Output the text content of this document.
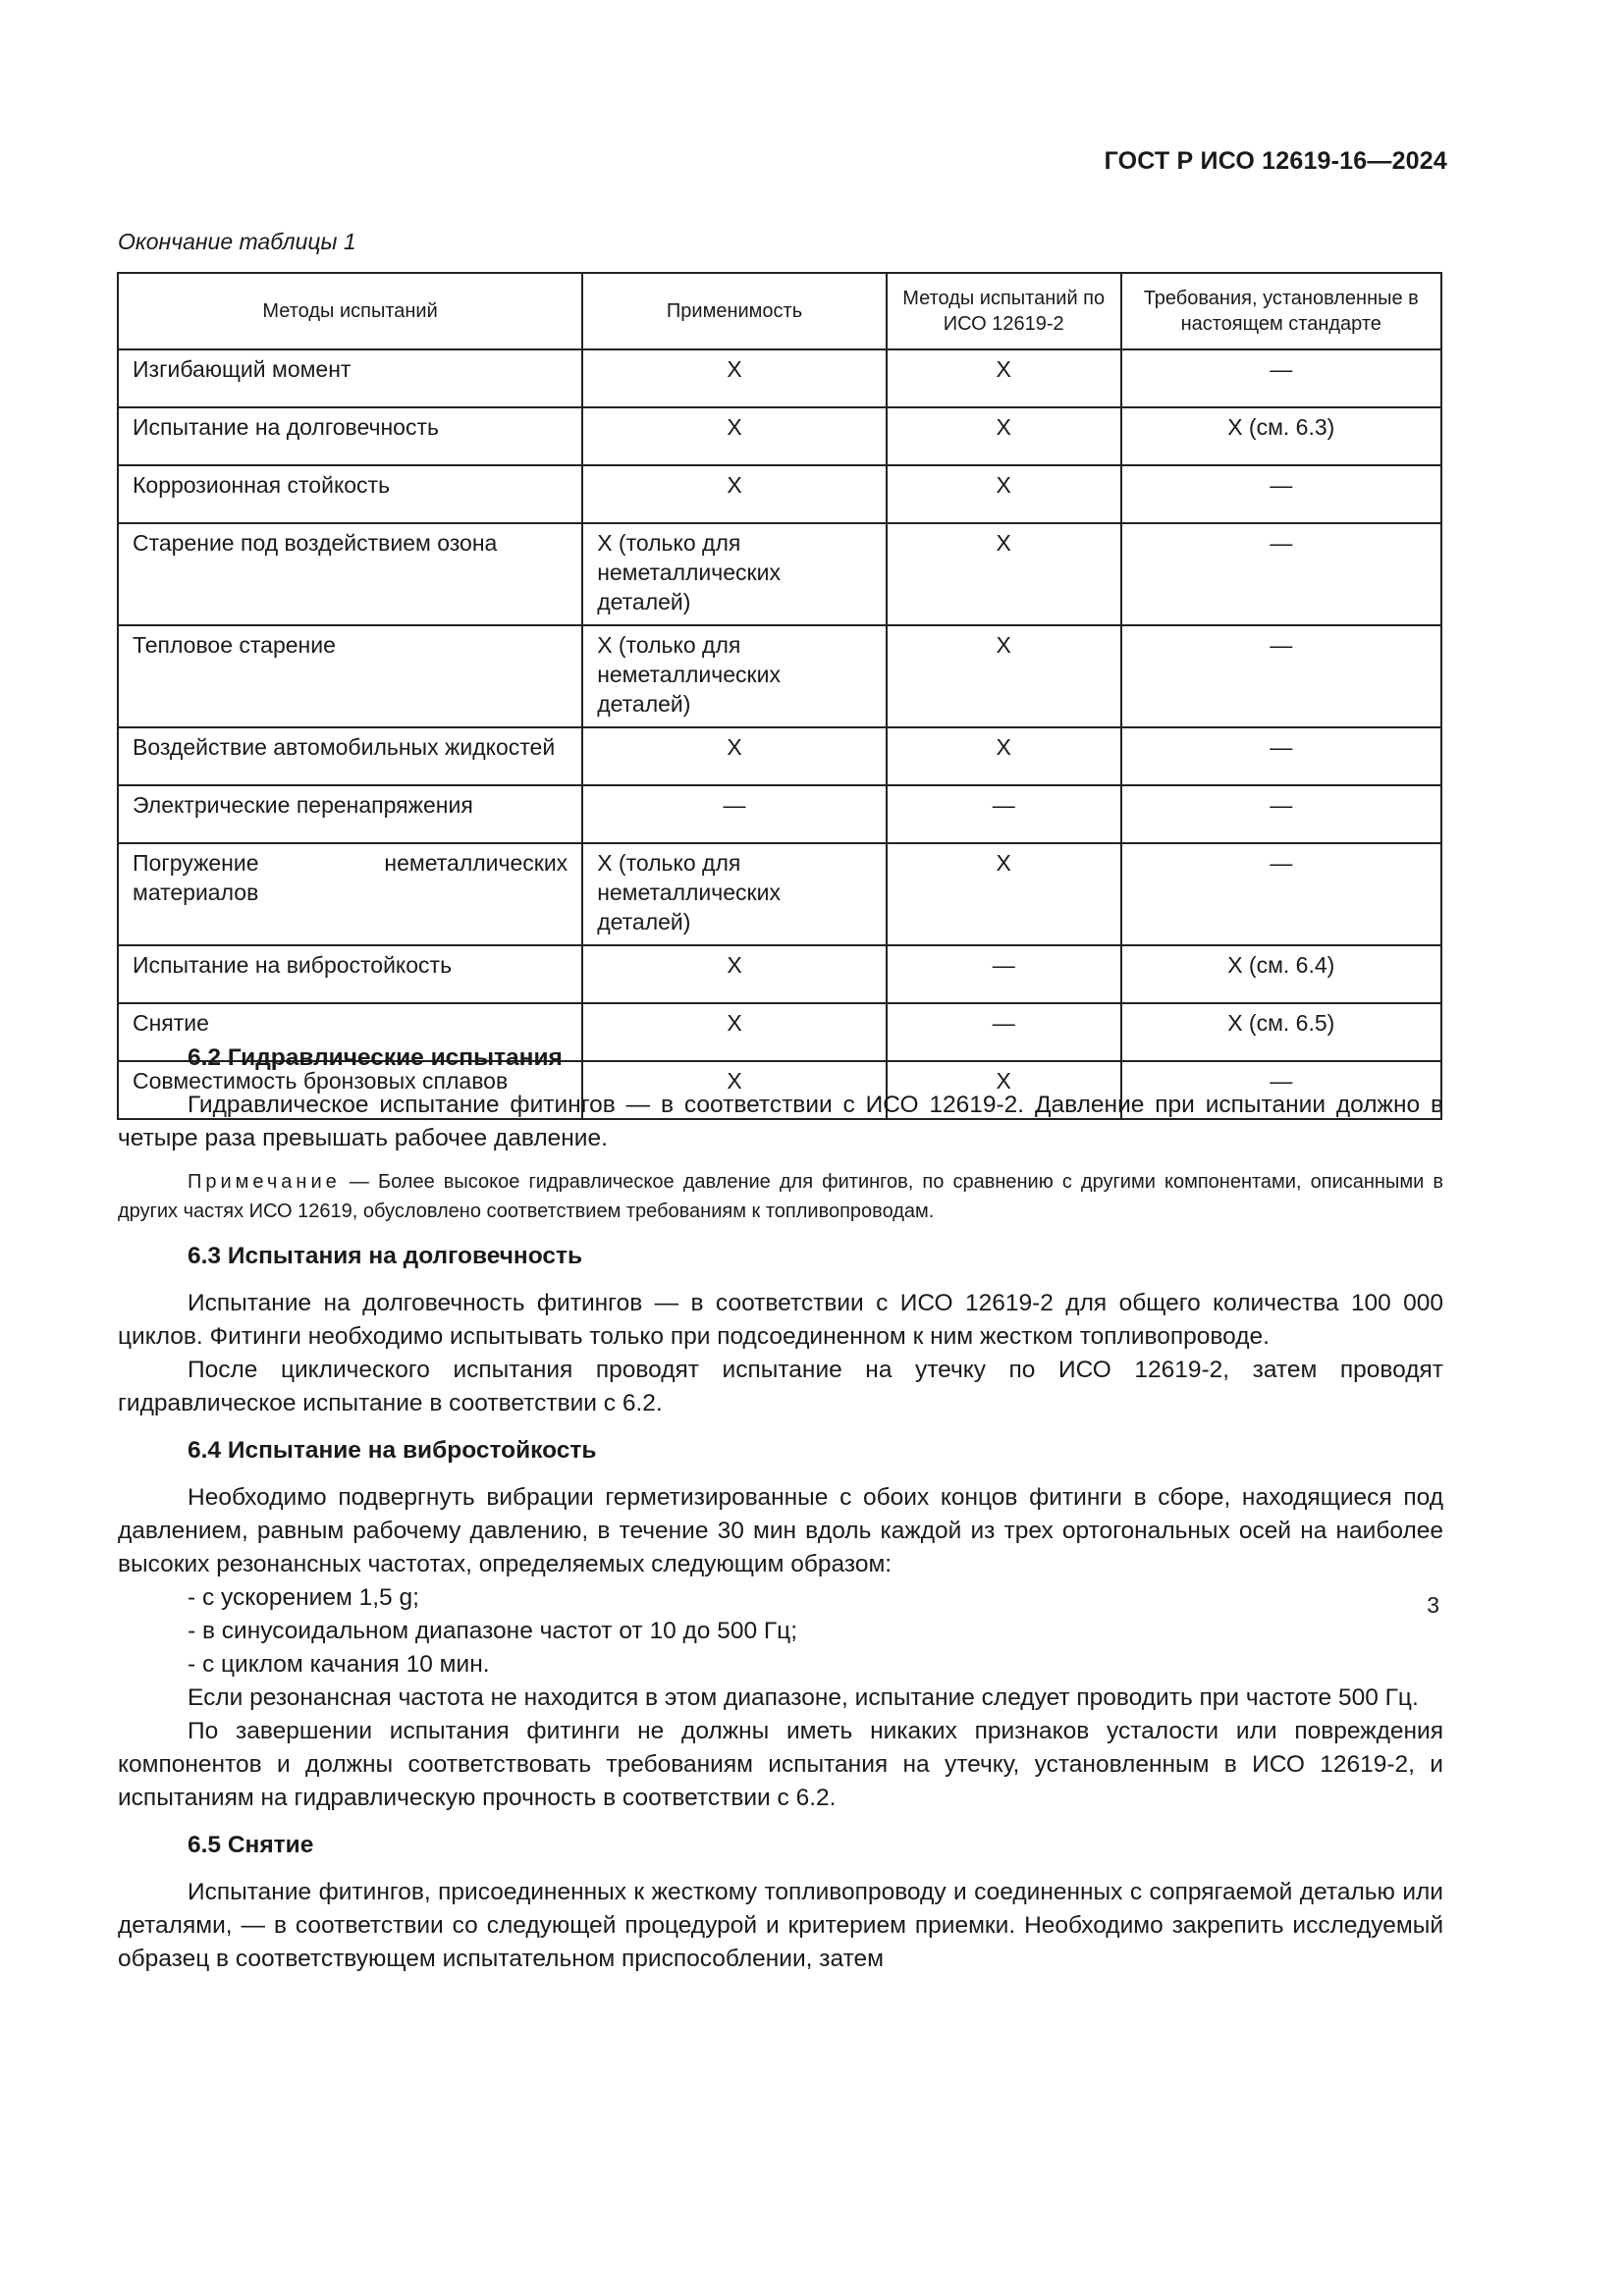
ГОСТ Р ИСО 12619-16—2024
Окончание таблицы 1
Методы испытаний	Применимость	Методы испытаний по ИСО 12619-2	Требования, установленные в настоящем стандарте
Изгибающий момент	X	X	—
Испытание на долговечность	X	X	X (см. 6.3)
Коррозионная стойкость	X	X	—
Старение под воздействием озона	X (только для неметаллических деталей)	X	—
Тепловое старение	X (только для неметаллических деталей)	X	—
Воздействие автомобильных жидкостей	X	X	—
Электрические перенапряжения	—	—	—
Погружение неметаллических материалов	X (только для неметаллических деталей)	X	—
Испытание на вибростойкость	X	—	X (см. 6.4)
Снятие	X	—	X (см. 6.5)
Совместимость бронзовых сплавов	X	X	—

6.2 Гидравлические испытания

Гидравлическое испытание фитингов — в соответствии с ИСО 12619-2. Давление при испытании должно в четыре раза превышать рабочее давление.

Примечание — Более высокое гидравлическое давление для фитингов, по сравнению с другими компонентами, описанными в других частях ИСО 12619, обусловлено соответствием требованиям к топливопроводам.

6.3 Испытания на долговечность

Испытание на долговечность фитингов — в соответствии с ИСО 12619-2 для общего количества 100 000 циклов. Фитинги необходимо испытывать только при подсоединенном к ним жестком топливопроводе.

После циклического испытания проводят испытание на утечку по ИСО 12619-2, затем проводят гидравлическое испытание в соответствии с 6.2.

6.4 Испытание на вибростойкость

Необходимо подвергнуть вибрации герметизированные с обоих концов фитинги в сборе, находящиеся под давлением, равным рабочему давлению, в течение 30 мин вдоль каждой из трех ортогональных осей на наиболее высоких резонансных частотах, определяемых следующим образом:

- с ускорением 1,5 g;

- в синусоидальном диапазоне частот от 10 до 500 Гц;

- с циклом качания 10 мин.

Если резонансная частота не находится в этом диапазоне, испытание следует проводить при частоте 500 Гц.

По завершении испытания фитинги не должны иметь никаких признаков усталости или повреждения компонентов и должны соответствовать требованиям испытания на утечку, установленным в ИСО 12619-2, и испытаниям на гидравлическую прочность в соответствии с 6.2.

6.5 Снятие

Испытание фитингов, присоединенных к жесткому топливопроводу и соединенных с сопрягаемой деталью или деталями, — в соответствии со следующей процедурой и критерием приемки. Необходимо закрепить исследуемый образец в соответствующем испытательном приспособлении, затем

3
